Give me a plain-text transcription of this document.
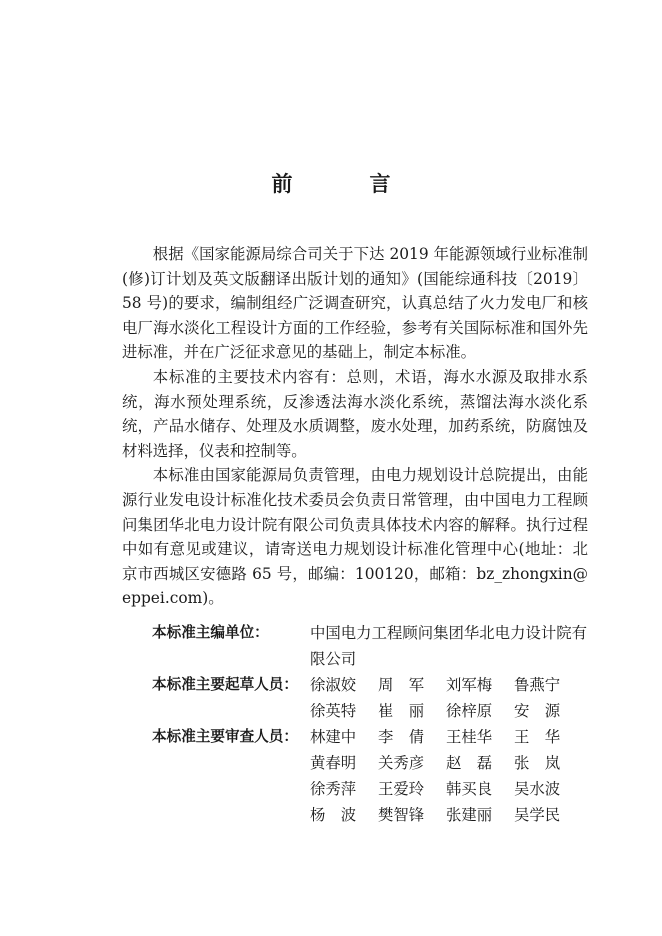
前　言

根据《国家能源局综合司关于下达 2019 年能源领域行业标准制(修)订计划及英文版翻译出版计划的通知》(国能综通科技〔2019〕58 号)的要求，编制组经广泛调查研究，认真总结了火力发电厂和核电厂海水淡化工程设计方面的工作经验，参考有关国际标准和国外先进标准，并在广泛征求意见的基础上，制定本标准。

本标准的主要技术内容有：总则，术语，海水水源及取排水系统，海水预处理系统，反渗透法海水淡化系统，蒸馏法海水淡化系统，产品水储存、处理及水质调整，废水处理，加药系统，防腐蚀及材料选择，仪表和控制等。

本标准由国家能源局负责管理，由电力规划设计总院提出，由能源行业发电设计标准化技术委员会负责日常管理，由中国电力工程顾问集团华北电力设计院有限公司负责具体技术内容的解释。执行过程中如有意见或建议，请寄送电力规划设计标准化管理中心(地址：北京市西城区安德路 65 号，邮编：100120，邮箱：bz_zhongxin@eppei.com)。

本标准主编单位：	中国电力工程顾问集团华北电力设计院有限公司
本标准主要起草人员： 徐淑姣	周　军	刘军梅	鲁燕宁
徐英特	崔　丽	徐梓原	安　源
本标准主要审查人员： 林建中	李　倩	王桂华	王　华
黄春明	关秀彦	赵　磊	张　岚
徐秀萍	王爱玲	韩买良	吴水波
杨　波	樊智锋	张建丽	吴学民
